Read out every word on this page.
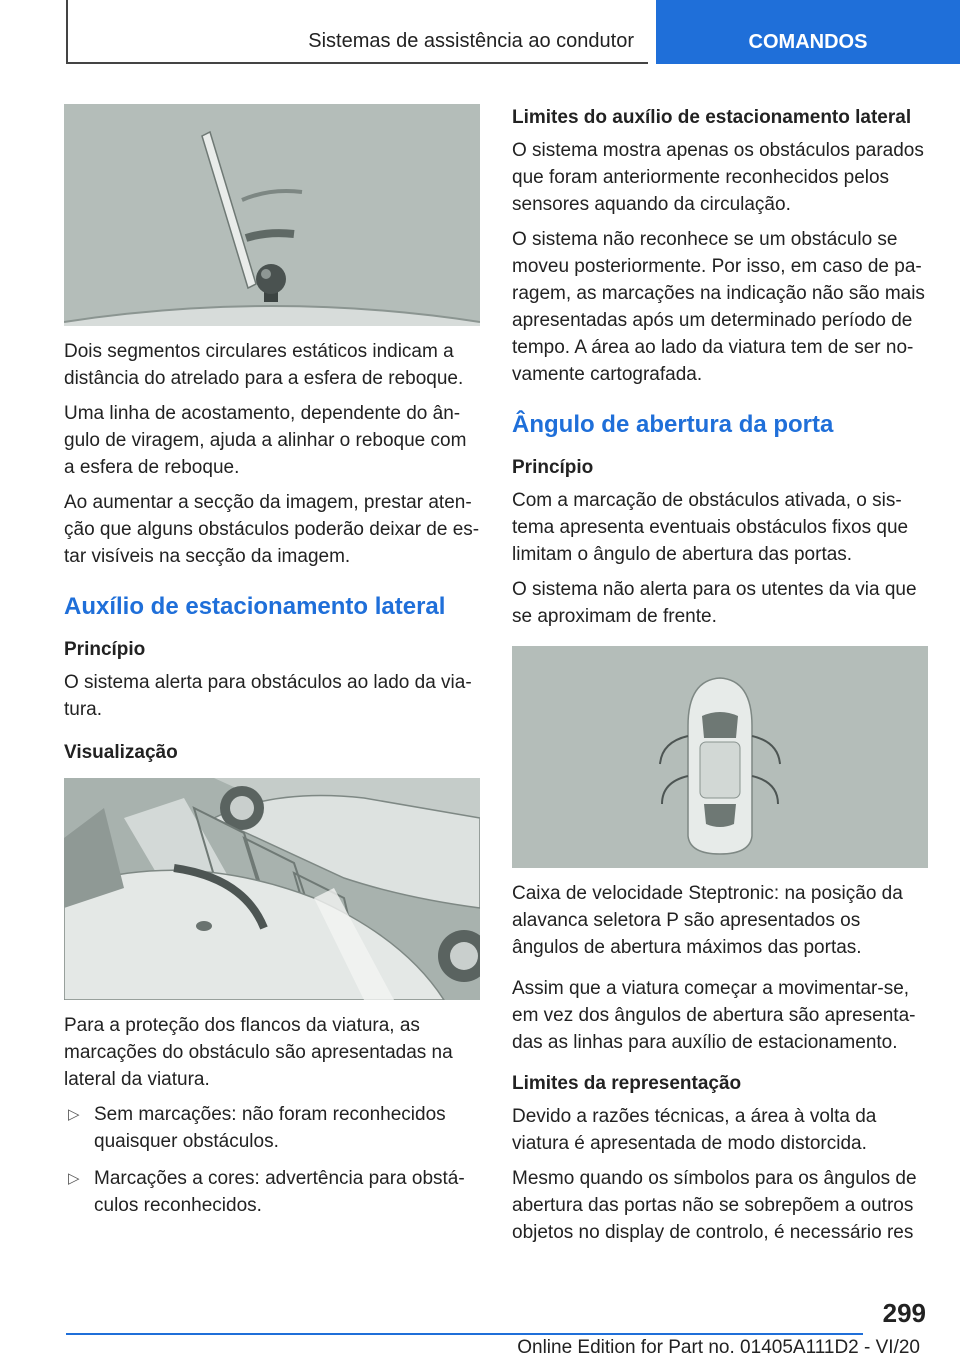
Sistemas de assistência ao condutor	COMANDOS

Dois segmentos circulares estáticos indicam a distância do atrelado para a esfera de reboque.

Uma linha de acostamento, dependente do ângulo de viragem, ajuda a alinhar o reboque com a esfera de reboque.

Ao aumentar a secção da imagem, prestar atenção que alguns obstáculos poderão deixar de estar visíveis na secção da imagem.

Auxílio de estacionamento lateral
Princípio

O sistema alerta para obstáculos ao lado da viatura.

Visualização

Para a proteção dos flancos da viatura, as marcações do obstáculo são apresentadas na lateral da viatura.

▷ Sem marcações: não foram reconhecidos quaisquer obstáculos.
▷ Marcações a cores: advertência para obstáculos reconhecidos.
Limites do auxílio de estacionamento lateral

O sistema mostra apenas os obstáculos parados que foram anteriormente reconhecidos pelos sensores aquando da circulação.

O sistema não reconhece se um obstáculo se moveu posteriormente. Por isso, em caso de paragem, as marcações na indicação não são mais apresentadas após um determinado período de tempo. A área ao lado da viatura tem de ser novamente cartografada.

Ângulo de abertura da porta
Princípio

Com a marcação de obstáculos ativada, o sistema apresenta eventuais obstáculos fixos que limitam o ângulo de abertura das portas.

O sistema não alerta para os utentes da via que se aproximam de frente.

Caixa de velocidade Steptronic: na posição da alavanca seletora P são apresentados os ângulos de abertura máximos das portas.

Assim que a viatura começar a movimentar-se, em vez dos ângulos de abertura são apresentadas as linhas para auxílio de estacionamento.

Limites da representação

Devido a razões técnicas, a área à volta da viatura é apresentada de modo distorcida.

Mesmo quando os símbolos para os ângulos de abertura das portas não se sobrepõem a outros objetos no display de controlo, é necessário res

299
Online Edition for Part no. 01405A111D2 - VI/20
